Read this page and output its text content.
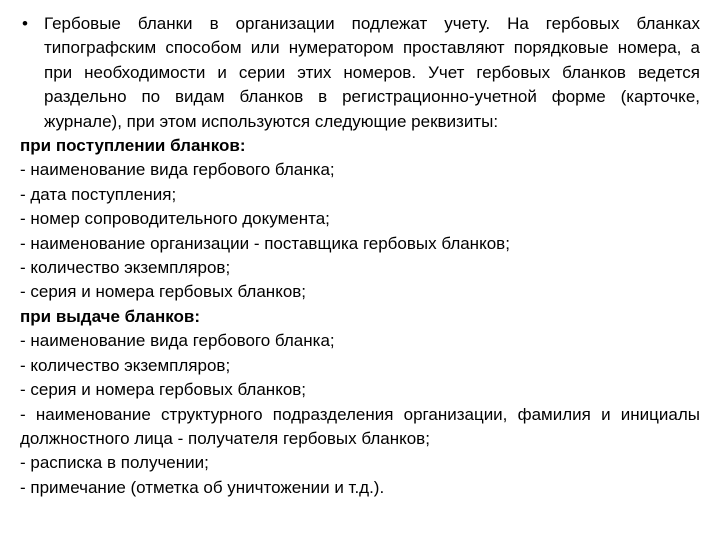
• Гербовые бланки в организации подлежат учету. На гербовых бланках типографским способом или нумератором проставляют порядковые номера, а при необходимости и серии этих номеров. Учет гербовых бланков ведется раздельно по видам бланков в регистрационно-учетной форме (карточке, журнале), при этом используются следующие реквизиты:
при поступлении бланков:
- наименование вида гербового бланка;
- дата поступления;
- номер сопроводительного документа;
- наименование организации - поставщика гербовых бланков;
- количество экземпляров;
- серия и номера гербовых бланков;
при выдаче бланков:
- наименование вида гербового бланка;
- количество экземпляров;
- серия и номера гербовых бланков;
- наименование структурного подразделения организации, фамилия и инициалы должностного лица - получателя гербовых бланков;
- расписка в получении;
- примечание (отметка об уничтожении и т.д.).
